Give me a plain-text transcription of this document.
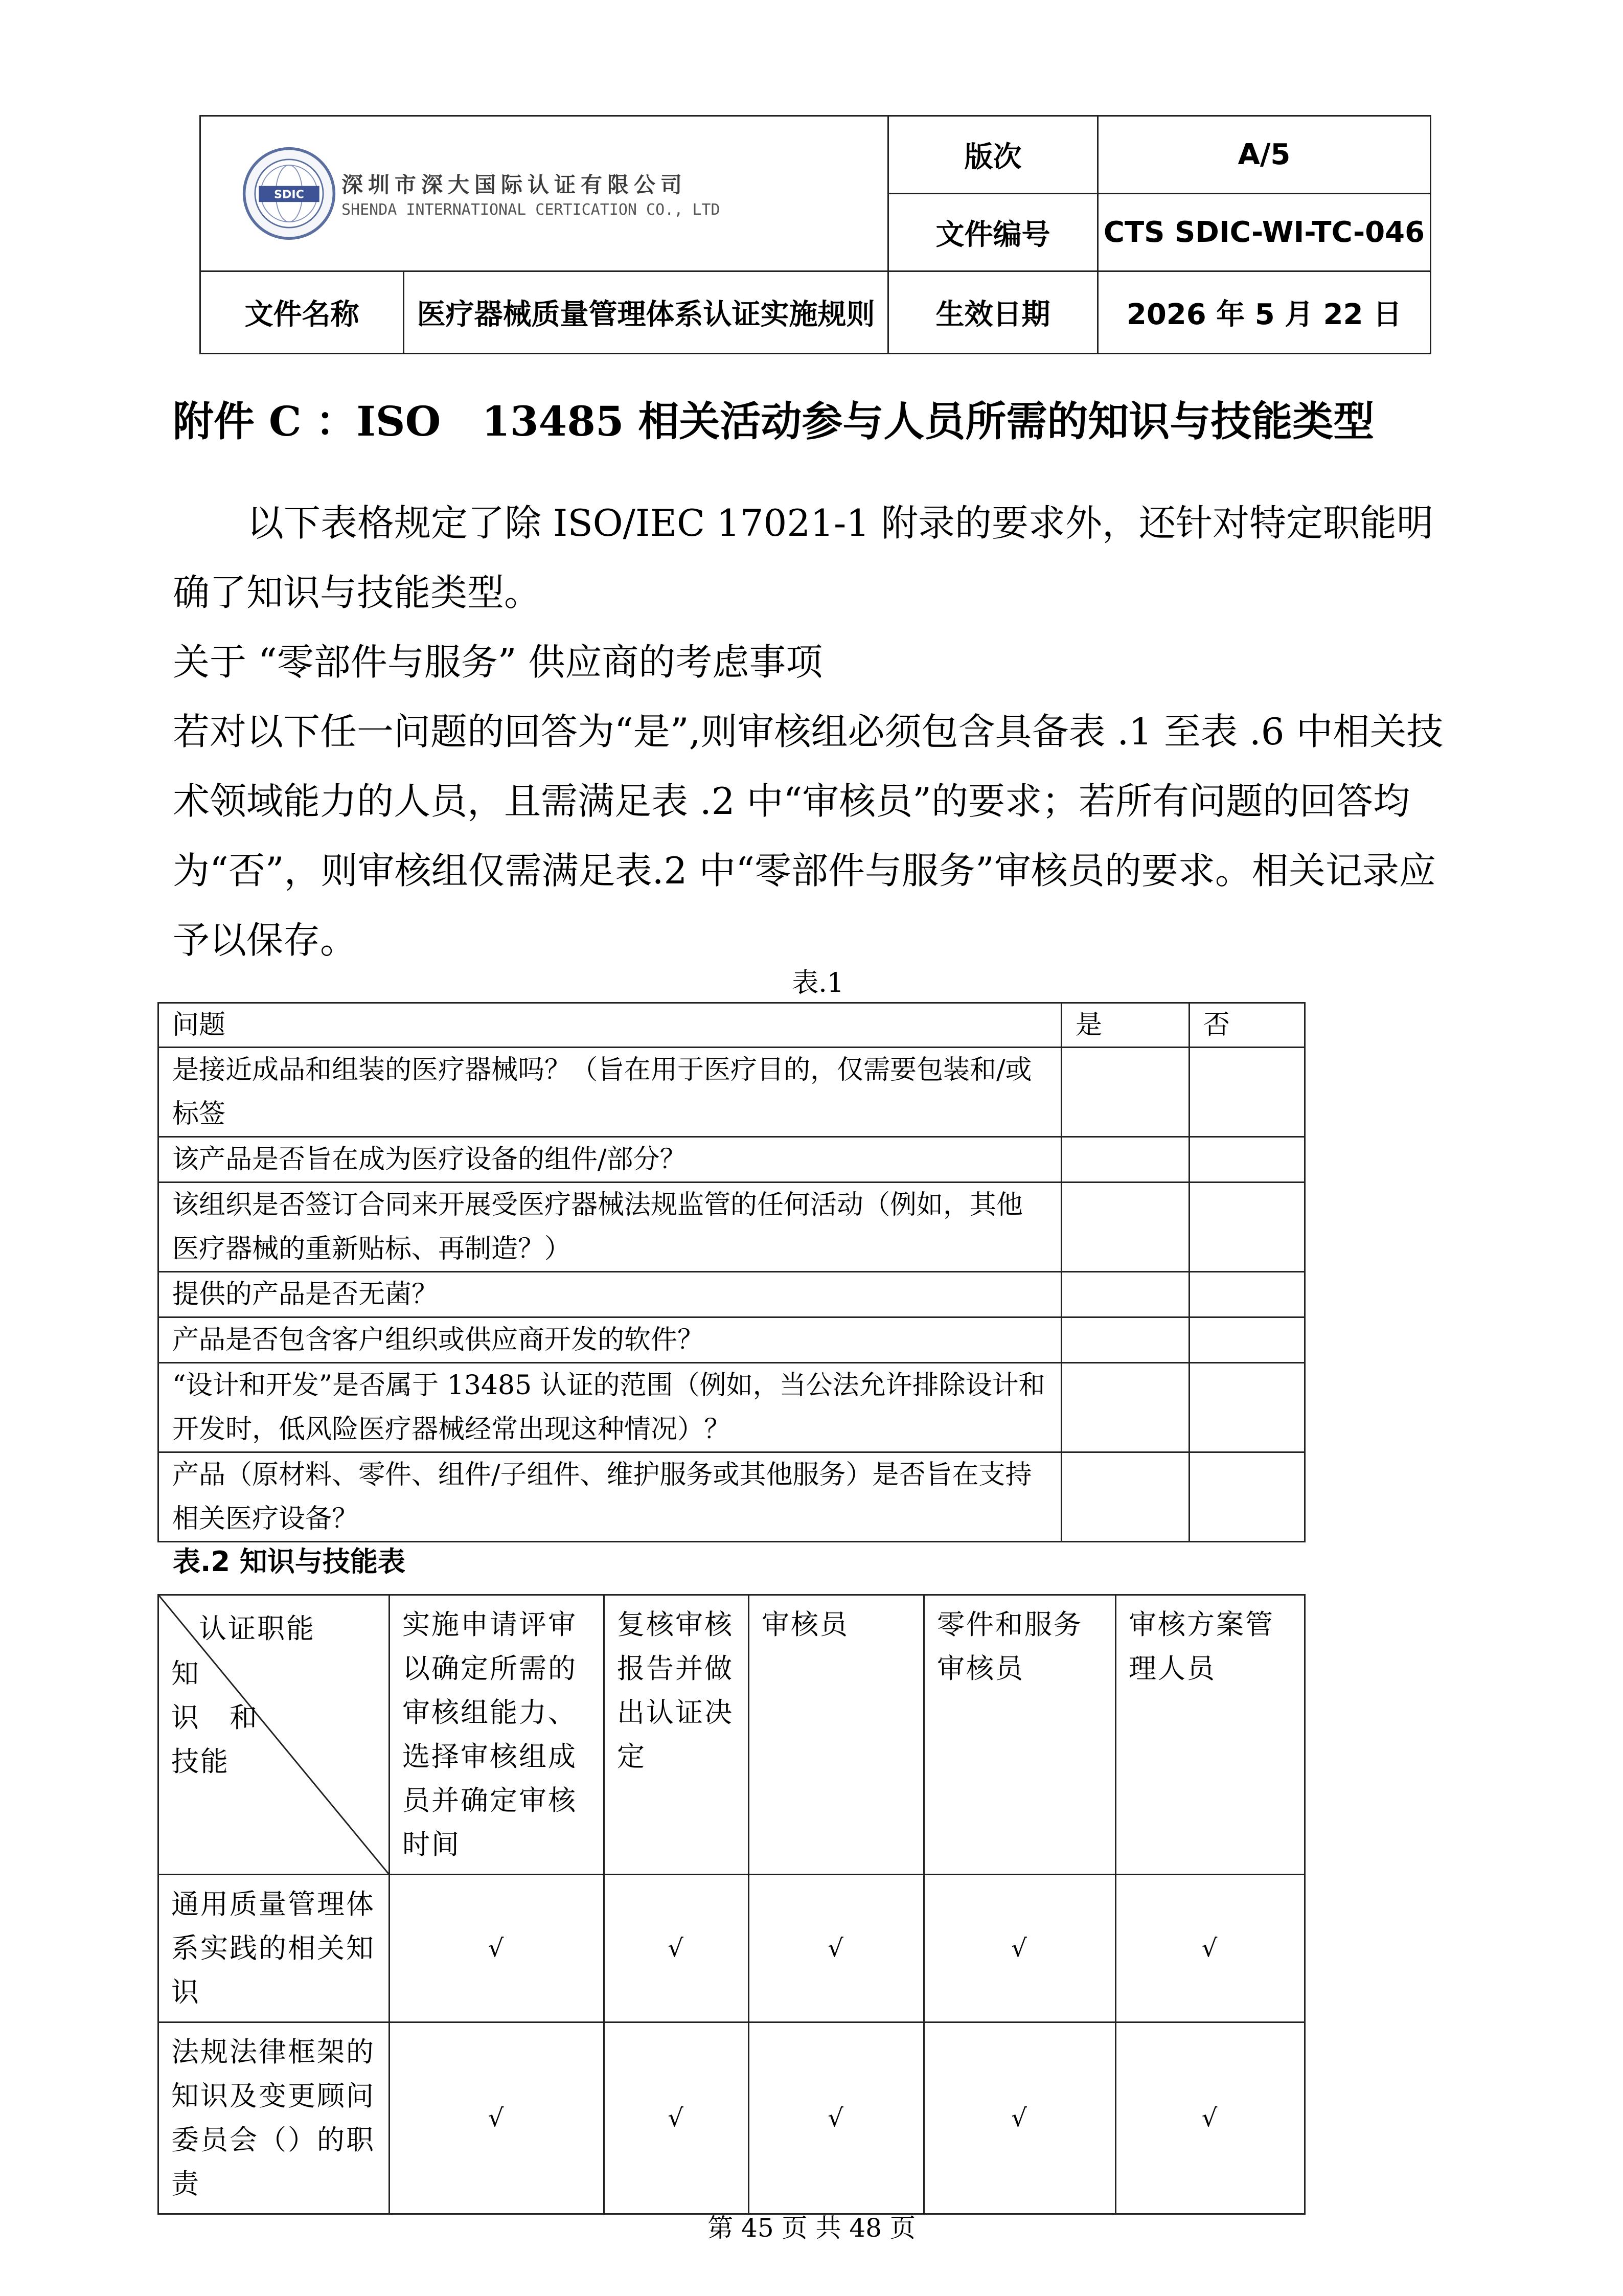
SDIC 深圳市深大国际认证有限公司
SHENDA INTERNATIONAL CERTICATION CO., LTD		版次	A/5
		文件编号	CTS SDIC-WI-TC-046
文件名称	医疗器械质量管理体系认证实施规则	生效日期	2026 年 5 月 22 日
附件 C ：ISO　13485 相关活动参与人员所需的知识与技能类型
以下表格规定了除 ISO/IEC 17021-1 附录的要求外，还针对特定职能明确了知识与技能类型。
关于 “零部件与服务” 供应商的考虑事项
若对以下任一问题的回答为“是”,则审核组必须包含具备表 .1 至表 .6 中相关技术领域能力的人员，且需满足表 .2 中“审核员”的要求；若所有问题的回答均为“否”，则审核组仅需满足表.2 中“零部件与服务”审核员的要求。相关记录应予以保存。
表.1
问题	是	否
是接近成品和组装的医疗器械吗？（旨在用于医疗目的，仅需要包装和/或标签		
该产品是否旨在成为医疗设备的组件/部分？		
该组织是否签订合同来开展受医疗器械法规监管的任何活动（例如，其他医疗器械的重新贴标、再制造？）		
提供的产品是否无菌？		
产品是否包含客户组织或供应商开发的软件？		
“设计和开发”是否属于 13485 认证的范围（例如，当公法允许排除设计和开发时，低风险医疗器械经常出现这种情况）？		
产品（原材料、零件、组件/子组件、维护服务或其他服务）是否旨在支持相关医疗设备？		
表.2 知识与技能表
认证职能
知
识　和
技能	实施申请评审以确定所需的审核组能力、选择审核组成员并确定审核时间	复核审核报告并做出认证决定	审核员	零件和服务审核员	审核方案管理人员
通用质量管理体系实践的相关知识	√	√	√	√	√
法规法律框架的知识及变更顾问委员会（）的职责	√	√	√	√	√
第 45 页 共 48 页
